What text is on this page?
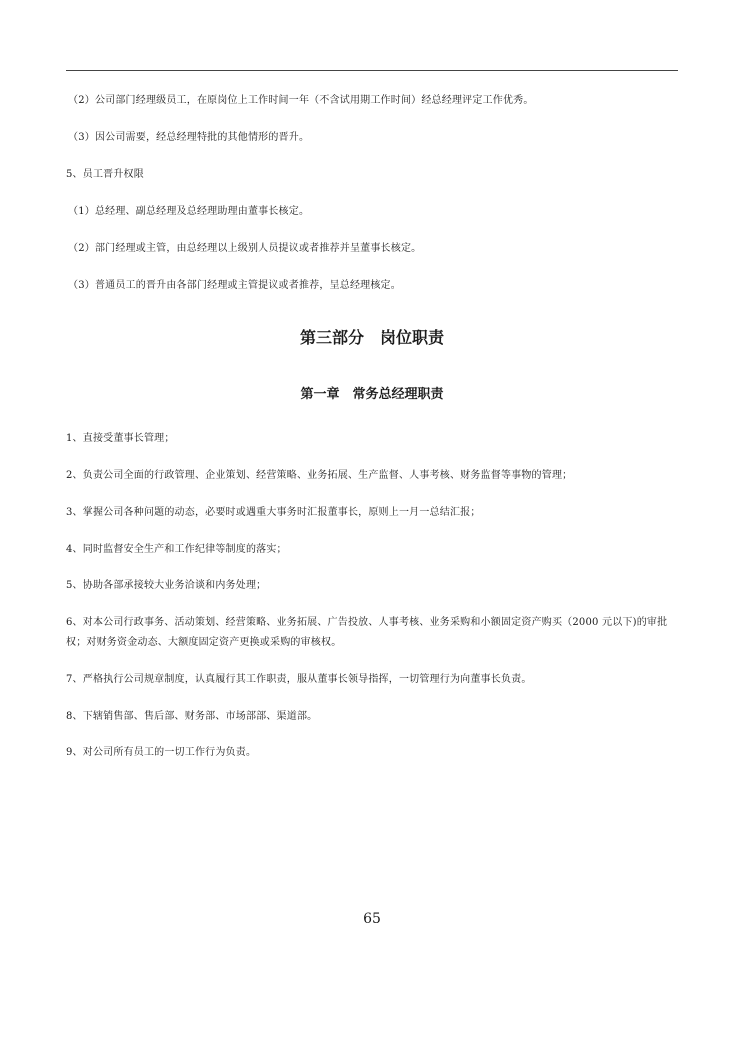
（2）公司部门经理级员工，在原岗位上工作时间一年（不含试用期工作时间）经总经理评定工作优秀。
（3）因公司需要，经总经理特批的其他情形的晋升。
5、员工晋升权限
（1）总经理、副总经理及总经理助理由董事长核定。
（2）部门经理或主管，由总经理以上级别人员提议或者推荐并呈董事长核定。
（3）普通员工的晋升由各部门经理或主管提议或者推荐，呈总经理核定。
第三部分　岗位职责
第一章　常务总经理职责
1、直接受董事长管理；
2、负责公司全面的行政管理、企业策划、经营策略、业务拓展、生产监督、人事考核、财务监督等事物的管理；
3、掌握公司各种问题的动态，必要时或遇重大事务时汇报董事长，原则上一月一总结汇报；
4、同时监督安全生产和工作纪律等制度的落实；
5、协助各部承接较大业务洽谈和内务处理；
6、对本公司行政事务、活动策划、经营策略、业务拓展、广告投放、人事考核、业务采购和小额固定资产购买（2000 元以下)的审批权；对财务资金动态、大额度固定资产更换或采购的审核权。
7、严格执行公司规章制度，认真履行其工作职责，服从董事长领导指挥，一切管理行为向董事长负责。
8、下辖销售部、售后部、财务部、市场部部、渠道部。
9、对公司所有员工的一切工作行为负责。
65
